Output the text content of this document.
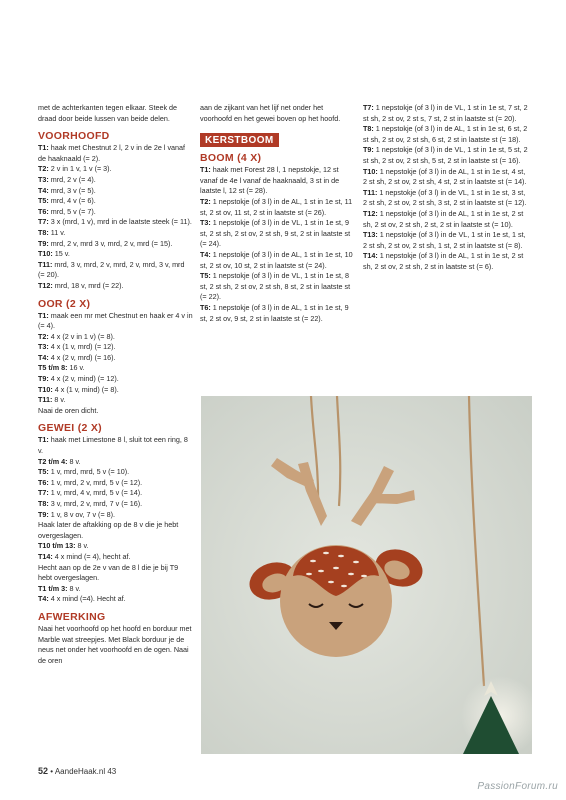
met de achterkanten tegen elkaar. Steek de draad door beide lussen van beide delen.

VOORHOOFD

T1: haak met Chestnut 2 l, 2 v in de 2e l vanaf de haaknaald (= 2).

T2: 2 v in 1 v, 1 v (= 3).

T3: mrd, 2 v (= 4).

T4: mrd, 3 v (= 5).

T5: mrd, 4 v (= 6).

T6: mrd, 5 v (= 7).

T7: 3 x (mrd, 1 v), mrd in de laatste steek (= 11).

T8: 11 v.

T9: mrd, 2 v, mrd 3 v, mrd, 2 v, mrd (= 15).

T10: 15 v.

T11: mrd, 3 v, mrd, 2 v, mrd, 2 v, mrd, 3 v, mrd (= 20).

T12: mrd, 18 v, mrd (= 22).

OOR (2 X)

T1: maak een mr met Chestnut en haak er 4 v in (= 4).

T2: 4 x (2 v in 1 v) (= 8).

T3: 4 x (1 v, mrd) (= 12).

T4: 4 x (2 v, mrd) (= 16).

T5 t/m 8: 16 v.

T9: 4 x (2 v, mind) (= 12).

T10: 4 x (1 v, mind) (= 8).

T11: 8 v.

Naai de oren dicht.

GEWEI (2 X)

T1: haak met Limestone 8 l, sluit tot een ring, 8 v.

T2 t/m 4: 8 v.

T5: 1 v, mrd, mrd, 5 v (= 10).

T6: 1 v, mrd, 2 v, mrd, 5 v (= 12).

T7: 1 v, mrd, 4 v, mrd, 5 v (= 14).

T8: 3 v, mrd, 2 v, mrd, 7 v (= 16).

T9: 1 v, 8 v ov, 7 v (= 8).

Haak later de aftakking op de 8 v die je hebt overgeslagen.

T10 t/m 13: 8 v.

T14: 4 x mind (= 4), hecht af.

Hecht aan op de 2e v van de 8 l die je bij T9 hebt overgeslagen.

T1 t/m 3: 8 v.

T4: 4 x mind (=4). Hecht af.

AFWERKING

Naai het voorhoofd op het hoofd en borduur met Marble wat streepjes. Met Black borduur je de neus net onder het voorhoofd en de ogen. Naai de oren

aan de zijkant van het lijf net onder het voorhoofd en het gewei boven op het hoofd.

KERSTBOOM
BOOM (4 X)

T1: haak met Forest 28 l, 1 nepstokje, 12 st vanaf de 4e l vanaf de haaknaald, 3 st in de laatste l, 12 st (= 28).

T2: 1 nepstokje (of 3 l) in de AL, 1 st in 1e st, 11 st, 2 st ov, 11 st, 2 st in laatste st (= 26).

T3: 1 nepstokje (of 3 l) in de VL, 1 st in 1e st, 9 st, 2 st sh, 2 st ov, 2 st sh, 9 st, 2 st in laatste st (= 24).

T4: 1 nepstokje (of 3 l) in de AL, 1 st in 1e st, 10 st, 2 st ov, 10 st, 2 st in laatste st (= 24).

T5: 1 nepstokje (of 3 l) in de VL, 1 st in 1e st, 8 st, 2 st sh, 2 st ov, 2 st sh, 8 st, 2 st in laatste st (= 22).

T6: 1 nepstokje (of 3 l) in de AL, 1 st in 1e st, 9 st, 2 st ov, 9 st, 2 st in laatste st (= 22).

T7: 1 nepstokje (of 3 l) in de VL, 1 st in 1e st, 7 st, 2 st sh, 2 st ov, 2 st s, 7 st, 2 st in laatste st (= 20).

T8: 1 nepstokje (of 3 l) in de AL, 1 st in 1e st, 6 st, 2 st sh, 2 st ov, 2 st sh, 6 st, 2 st in laatste st (= 18).

T9: 1 nepstokje (of 3 l) in de VL, 1 st in 1e st, 5 st, 2 st sh, 2 st ov, 2 st sh, 5 st, 2 st in laatste st (= 16).

T10: 1 nepstokje (of 3 l) in de AL, 1 st in 1e st, 4 st, 2 st sh, 2 st ov, 2 st sh, 4 st, 2 st in laatste st (= 14).

T11: 1 nepstokje (of 3 l) in de VL, 1 st in 1e st, 3 st, 2 st sh, 2 st ov, 2 st sh, 3 st, 2 st in laatste st (= 12).

T12: 1 nepstokje (of 3 l) in de AL, 1 st in 1e st, 2 st sh, 2 st ov, 2 st sh, 2 st, 2 st in laatste st (= 10).

T13: 1 nepstokje (of 3 l) in de VL, 1 st in 1e st, 1 st, 2 st sh, 2 st ov, 2 st sh, 1 st, 2 st in laatste st (= 8).

T14: 1 nepstokje (of 3 l) in de AL, 1 st in 1e st, 2 st sh, 2 st ov, 2 st sh, 2 st in laatste st (= 6).

52 • AandeHaak.nl 43
PassionForum.ru
